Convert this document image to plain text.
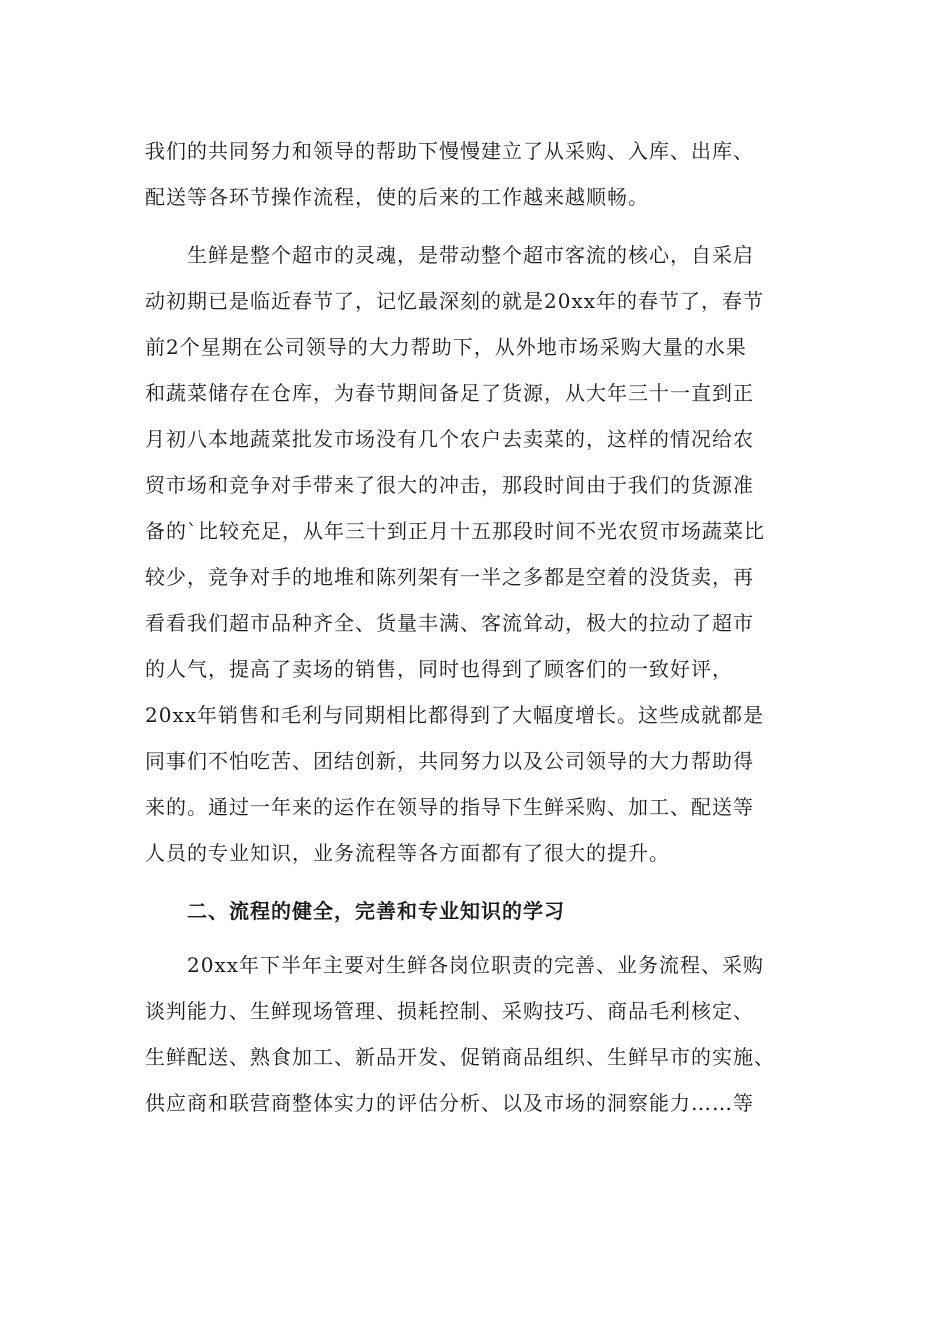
我们的共同努力和领导的帮助下慢慢建立了从采购、入库、出库、
配送等各环节操作流程，使的后来的工作越来越顺畅。
生鲜是整个超市的灵魂，是带动整个超市客流的核心，自采启
动初期已是临近春节了，记忆最深刻的就是20xx年的春节了，春节
前2个星期在公司领导的大力帮助下，从外地市场采购大量的水果
和蔬菜储存在仓库，为春节期间备足了货源，从大年三十一直到正
月初八本地蔬菜批发市场没有几个农户去卖菜的，这样的情况给农
贸市场和竞争对手带来了很大的冲击，那段时间由于我们的货源准
备的`比较充足，从年三十到正月十五那段时间不光农贸市场蔬菜比
较少，竞争对手的地堆和陈列架有一半之多都是空着的没货卖，再
看看我们超市品种齐全、货量丰满、客流耸动，极大的拉动了超市
的人气，提高了卖场的销售，同时也得到了顾客们的一致好评，
20xx年销售和毛利与同期相比都得到了大幅度增长。这些成就都是
同事们不怕吃苦、团结创新，共同努力以及公司领导的大力帮助得
来的。通过一年来的运作在领导的指导下生鲜采购、加工、配送等
人员的专业知识，业务流程等各方面都有了很大的提升。
二、流程的健全，完善和专业知识的学习
20xx年下半年主要对生鲜各岗位职责的完善、业务流程、采购
谈判能力、生鲜现场管理、损耗控制、采购技巧、商品毛利核定、
生鲜配送、熟食加工、新品开发、促销商品组织、生鲜早市的实施、
供应商和联营商整体实力的评估分析、以及市场的洞察能力……等
